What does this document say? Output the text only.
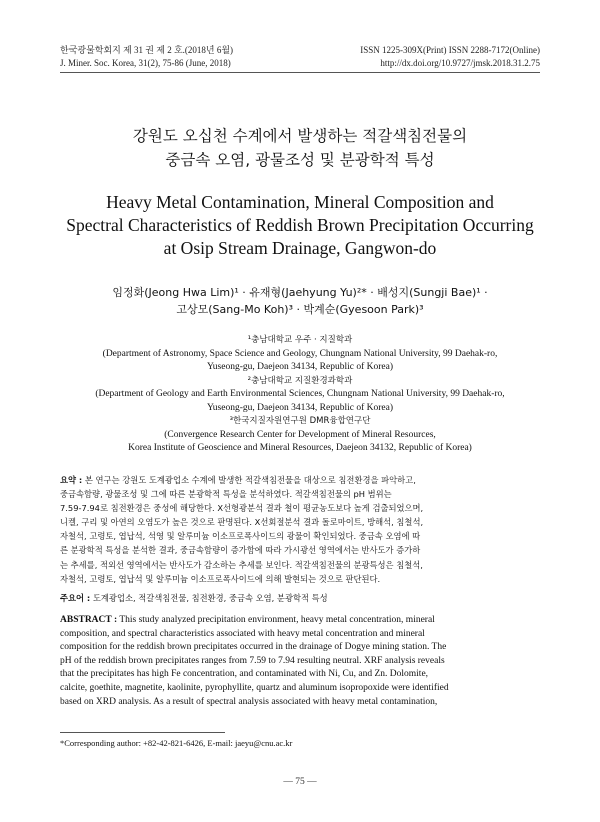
한국광물학회지 제 31 권 제 2 호.(2018년 6월)
J. Miner. Soc. Korea, 31(2), 75-86 (June, 2018)
ISSN 1225-309X(Print) ISSN 2288-7172(Online)
http://dx.doi.org/10.9727/jmsk.2018.31.2.75
강원도 오십천 수계에서 발생하는 적갈색침전물의
중금속 오염, 광물조성 및 분광학적 특성
Heavy Metal Contamination, Mineral Composition and
Spectral Characteristics of Reddish Brown Precipitation Occurring
at Osip Stream Drainage, Gangwon-do
임정화(Jeong Hwa Lim)¹ · 유재형(Jaehyung Yu)²* · 배성지(Sungji Bae)¹ ·
고상모(Sang-Mo Koh)³ · 박계순(Gyesoon Park)³
¹충남대학교 우주 · 지질학과
(Department of Astronomy, Space Science and Geology, Chungnam National University, 99 Daehak-ro,
Yuseong-gu, Daejeon 34134, Republic of Korea)
²충남대학교 지질환경과학과
(Department of Geology and Earth Environmental Sciences, Chungnam National University, 99 Daehak-ro,
Yuseong-gu, Daejeon 34134, Republic of Korea)
³한국지질자원연구원 DMR융합연구단
(Convergence Research Center for Development of Mineral Resources,
Korea Institute of Geoscience and Mineral Resources, Daejeon 34132, Republic of Korea)
요약 : 본 연구는 강원도 도계광업소 수계에 발생한 적갈색침전물을 대상으로 침전환경을 파악하고,
중금속함량, 광물조성 및 그에 따른 분광학적 특성을 분석하였다. 적갈색침전물의 pH 범위는
7.59-7.94로 침전환경은 중성에 해당한다. X선형광분석 결과 철이 평균농도보다 높게 검출되었으며,
니켈, 구리 및 아연의 오염도가 높은 것으로 판명된다. X선회절분석 결과 돌로마이트, 방해석, 침철석,
자철석, 고령토, 엽납석, 석영 및 알루미늄 이소프로폭사이드의 광물이 확인되었다. 중금속 오염에 따
른 분광학적 특성을 분석한 결과, 중금속함량이 증가함에 따라 가시광선 영역에서는 반사도가 증가하
는 추세를, 적외선 영역에서는 반사도가 감소하는 추세를 보인다. 적갈색침전물의 분광특성은 침철석,
자철석, 고령토, 엽납석 및 알루미늄 이소프로폭사이드에 의해 발현되는 것으로 판단된다.
주요어 : 도계광업소, 적갈색침전물, 침전환경, 중금속 오염, 분광학적 특성
ABSTRACT : This study analyzed precipitation environment, heavy metal concentration, mineral
composition, and spectral characteristics associated with heavy metal concentration and mineral
composition for the reddish brown precipitates occurred in the drainage of Dogye mining station. The
pH of the reddish brown precipitates ranges from 7.59 to 7.94 resulting neutral. XRF analysis reveals
that the precipitates has high Fe concentration, and contaminated with Ni, Cu, and Zn. Dolomite,
calcite, goethite, magnetite, kaolinite, pyrophyllite, quartz and aluminum isopropoxide were identified
based on XRD analysis. As a result of spectral analysis associated with heavy metal contamination,
*Corresponding author: +82-42-821-6426, E-mail: jaeyu@cnu.ac.kr
— 75 —
